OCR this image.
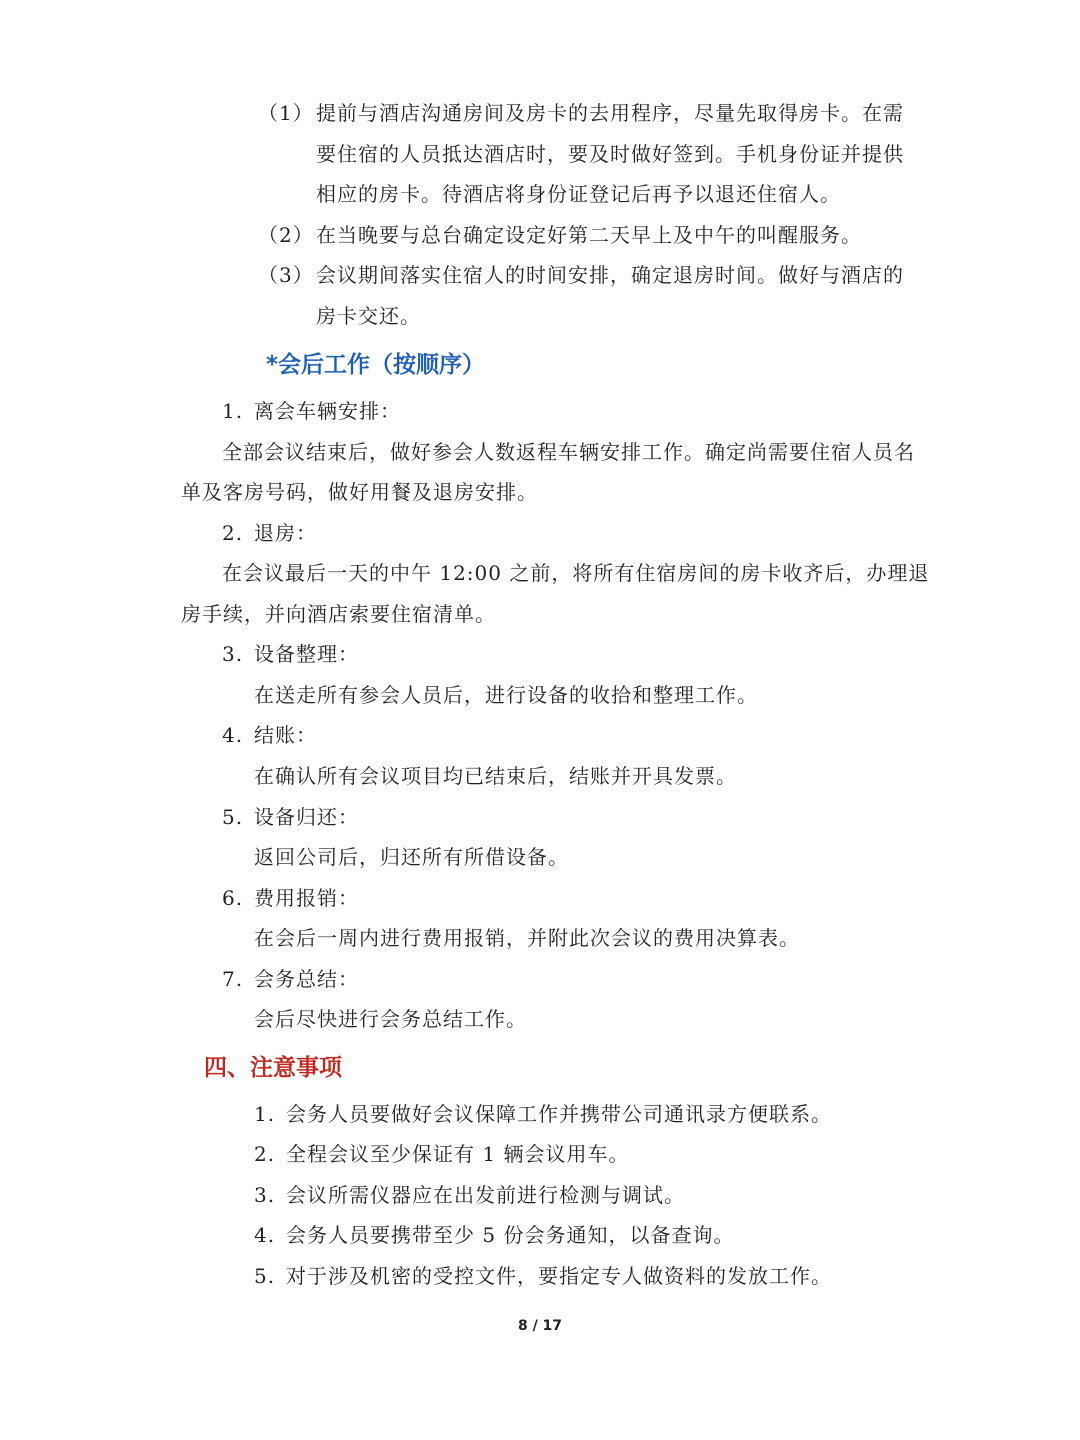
（1） 提前与酒店沟通房间及房卡的去用程序，尽量先取得房卡。在需
要住宿的人员抵达酒店时，要及时做好签到。手机身份证并提供
相应的房卡。待酒店将身份证登记后再予以退还住宿人。
（2） 在当晚要与总台确定设定好第二天早上及中午的叫醒服务。
（3） 会议期间落实住宿人的时间安排，确定退房时间。做好与酒店的
房卡交还。
*会后工作（按顺序）
1. 离会车辆安排：
全部会议结束后，做好参会人数返程车辆安排工作。确定尚需要住宿人员名
单及客房号码，做好用餐及退房安排。
2. 退房：
在会议最后一天的中午 12:00 之前，将所有住宿房间的房卡收齐后，办理退
房手续，并向酒店索要住宿清单。
3. 设备整理：
在送走所有参会人员后，进行设备的收拾和整理工作。
4. 结账：
在确认所有会议项目均已结束后，结账并开具发票。
5. 设备归还：
返回公司后，归还所有所借设备。
6. 费用报销：
在会后一周内进行费用报销，并附此次会议的费用决算表。
7. 会务总结：
会后尽快进行会务总结工作。
四、注意事项
1. 会务人员要做好会议保障工作并携带公司通讯录方便联系。
2. 全程会议至少保证有 1 辆会议用车。
3. 会议所需仪器应在出发前进行检测与调试。
4. 会务人员要携带至少 5 份会务通知，以备查询。
5. 对于涉及机密的受控文件，要指定专人做资料的发放工作。
8 / 17
